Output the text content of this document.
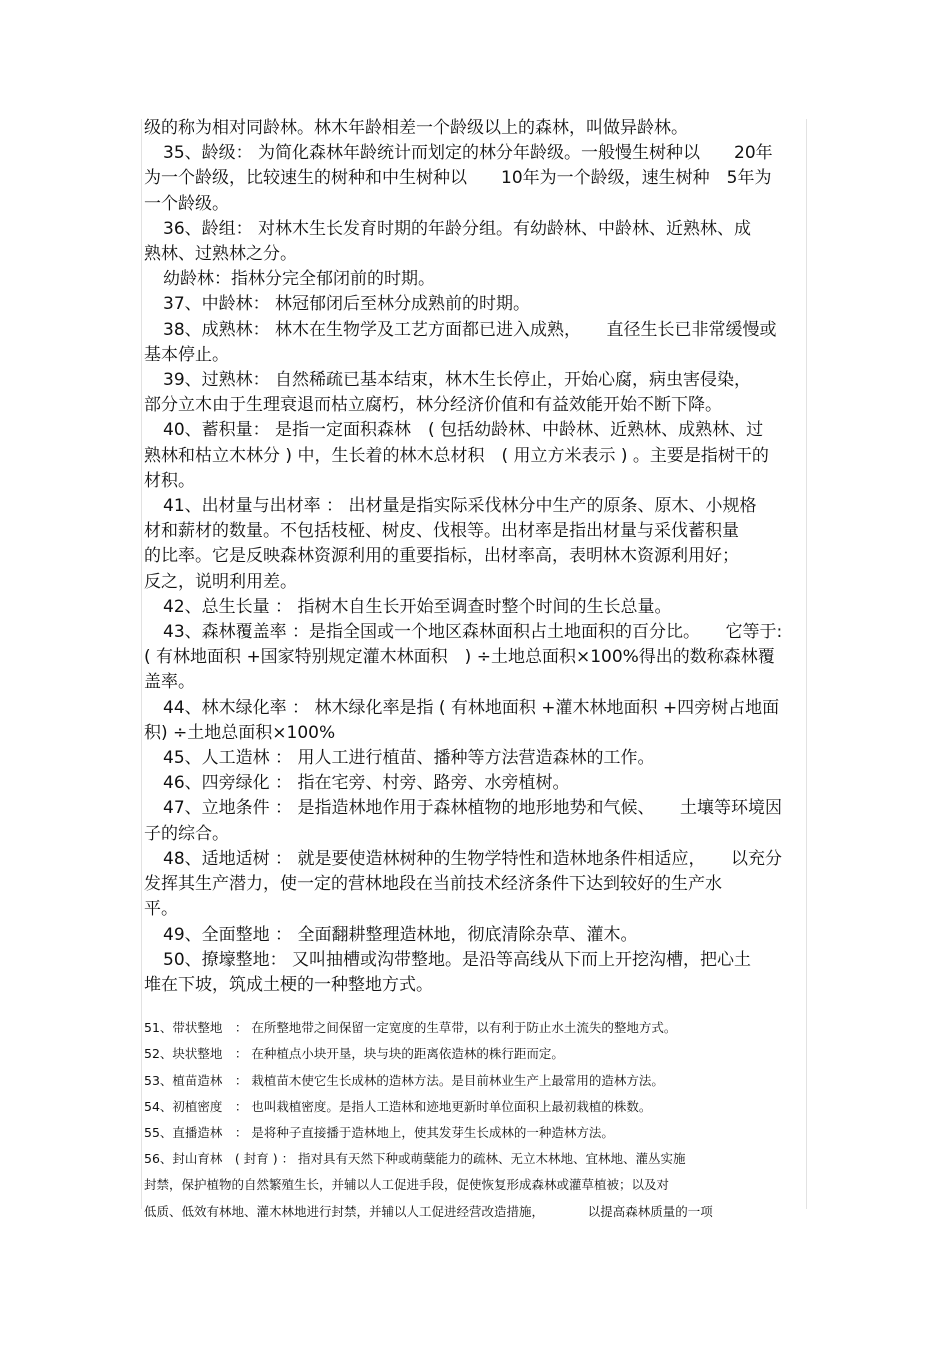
级的称为相对同龄林。林木年龄相差一个龄级以上的森林，叫做异龄林。

35、龄级： 为简化森林年龄统计而划定的林分年龄级。一般慢生树种以　　20年

为一个龄级，比较速生的树种和中生树种以　　10年为一个龄级，速生树种　5年为

一个龄级。

36、龄组： 对林木生长发育时期的年龄分组。有幼龄林、中龄林、近熟林、成

熟林、过熟林之分。

幼龄林：指林分完全郁闭前的时期。

37、中龄林： 林冠郁闭后至林分成熟前的时期。

38、成熟林： 林木在生物学及工艺方面都已进入成熟，　　直径生长已非常缓慢或

基本停止。

39、过熟林： 自然稀疏已基本结束，林木生长停止，开始心腐，病虫害侵染，

部分立木由于生理衰退而枯立腐朽，林分经济价值和有益效能开始不断下降。

40、蓄积量： 是指一定面积森林　( 包括幼龄林、中龄林、近熟林、成熟林、过

熟林和枯立木林分 ) 中，生长着的林木总材积　( 用立方米表示 ) 。主要是指树干的

材积。

41、出材量与出材率 ： 出材量是指实际采伐林分中生产的原条、原木、小规格

材和薪材的数量。不包括枝桠、树皮、伐根等。出材率是指出材量与采伐蓄积量

的比率。它是反映森林资源利用的重要指标，出材率高，表明林木资源利用好；

反之，说明利用差。

42、总生长量 ： 指树木自生长开始至调查时整个时间的生长总量。

43、森林覆盖率 ：是指全国或一个地区森林面积占土地面积的百分比。　　它等于:

( 有林地面积 +国家特别规定灌木林面积　) ÷土地总面积×100%得出的数称森林覆

盖率。

44、林木绿化率 ： 林木绿化率是指 ( 有林地面积 +灌木林地面积 +四旁树占地面

积) ÷土地总面积×100%

45、人工造林 ： 用人工进行植苗、播种等方法营造森林的工作。

46、四旁绿化 ： 指在宅旁、村旁、路旁、水旁植树。

47、立地条件 ： 是指造林地作用于森林植物的地形地势和气候、　　土壤等环境因

子的综合。

48、适地适树 ： 就是要使造林树种的生物学特性和造林地条件相适应，　　以充分

发挥其生产潜力，使一定的营林地段在当前技术经济条件下达到较好的生产水

平。

49、全面整地 ： 全面翻耕整理造林地，彻底清除杂草、灌木。

50、撩壕整地： 又叫抽槽或沟带整地。是沿等高线从下而上开挖沟槽，把心土

堆在下坡，筑成土梗的一种整地方式。

51、带状整地　： 在所整地带之间保留一定宽度的生草带，以有利于防止水土流失的整地方式。

52、块状整地　： 在种植点小块开垦，块与块的距离依造林的株行距而定。

53、植苗造林　： 栽植苗木使它生长成林的造林方法。是目前林业生产上最常用的造林方法。

54、初植密度　： 也叫栽植密度。是指人工造林和迹地更新时单位面积上最初栽植的株数。

55、直播造林　： 是将种子直接播于造林地上，使其发芽生长成林的一种造林方法。

56、封山育林　( 封育 ) ： 指对具有天然下种或萌蘖能力的疏林、无立木林地、宜林地、灌丛实施

封禁，保护植物的自然繁殖生长，并辅以人工促进手段，促使恢复形成森林或灌草植被；以及对

低质、低效有林地、灌木林地进行封禁，并辅以人工促进经营改造措施，　　　　以提高森林质量的一项
